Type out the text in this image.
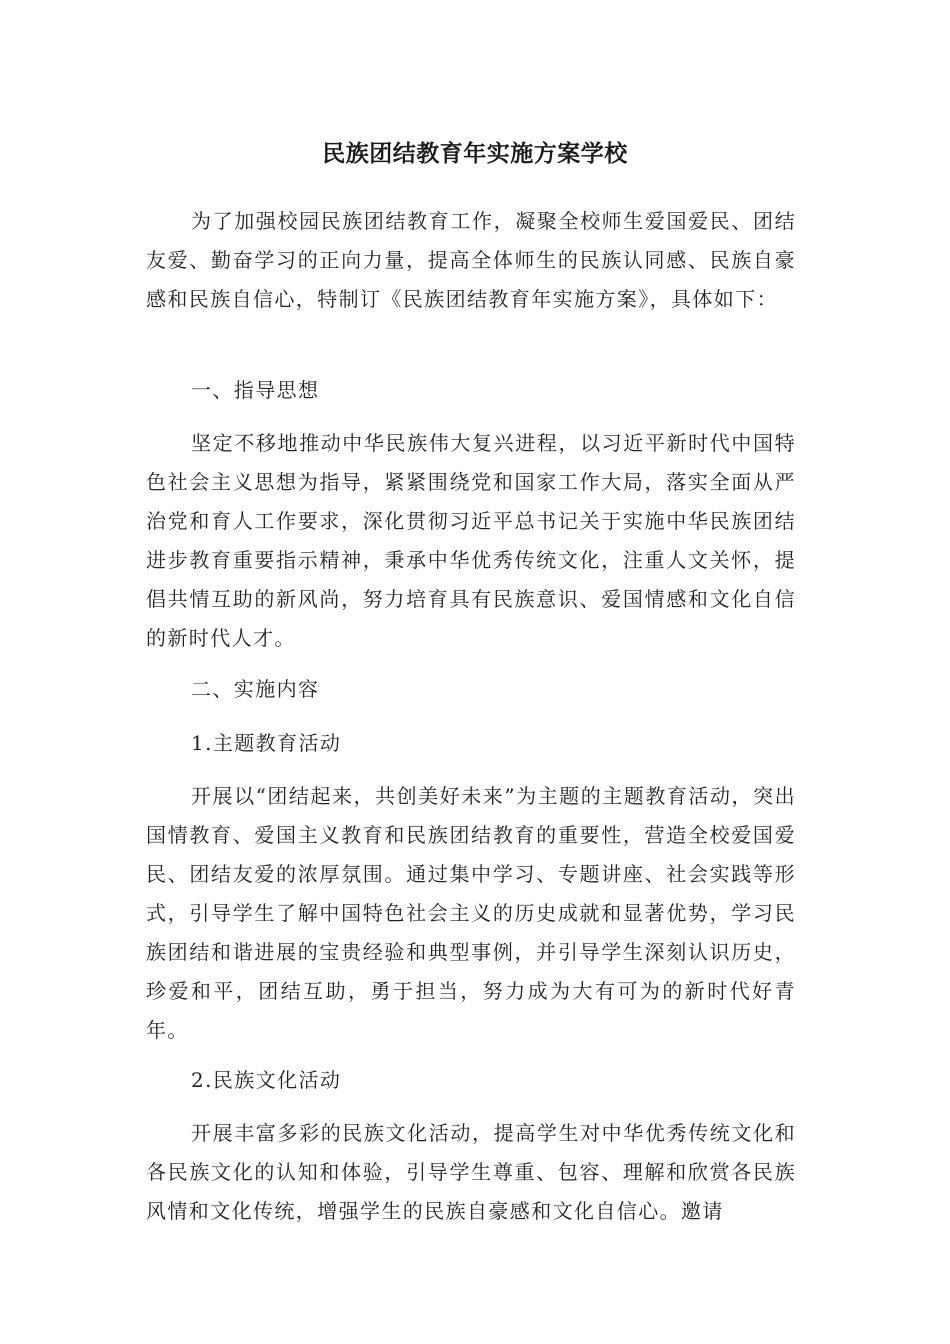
民族团结教育年实施方案学校
为了加强校园民族团结教育工作，凝聚全校师生爱国爱民、团结友爱、勤奋学习的正向力量，提高全体师生的民族认同感、民族自豪感和民族自信心，特制订《民族团结教育年实施方案》，具体如下：
一、指导思想
坚定不移地推动中华民族伟大复兴进程，以习近平新时代中国特色社会主义思想为指导，紧紧围绕党和国家工作大局，落实全面从严治党和育人工作要求，深化贯彻习近平总书记关于实施中华民族团结进步教育重要指示精神，秉承中华优秀传统文化，注重人文关怀，提倡共情互助的新风尚，努力培育具有民族意识、爱国情感和文化自信的新时代人才。
二、实施内容
1.主题教育活动
开展以“团结起来，共创美好未来”为主题的主题教育活动，突出国情教育、爱国主义教育和民族团结教育的重要性，营造全校爱国爱民、团结友爱的浓厚氛围。通过集中学习、专题讲座、社会实践等形式，引导学生了解中国特色社会主义的历史成就和显著优势，学习民族团结和谐进展的宝贵经验和典型事例，并引导学生深刻认识历史，珍爱和平，团结互助，勇于担当，努力成为大有可为的新时代好青年。
2.民族文化活动
开展丰富多彩的民族文化活动，提高学生对中华优秀传统文化和各民族文化的认知和体验，引导学生尊重、包容、理解和欣赏各民族风情和文化传统，增强学生的民族自豪感和文化自信心。邀请
